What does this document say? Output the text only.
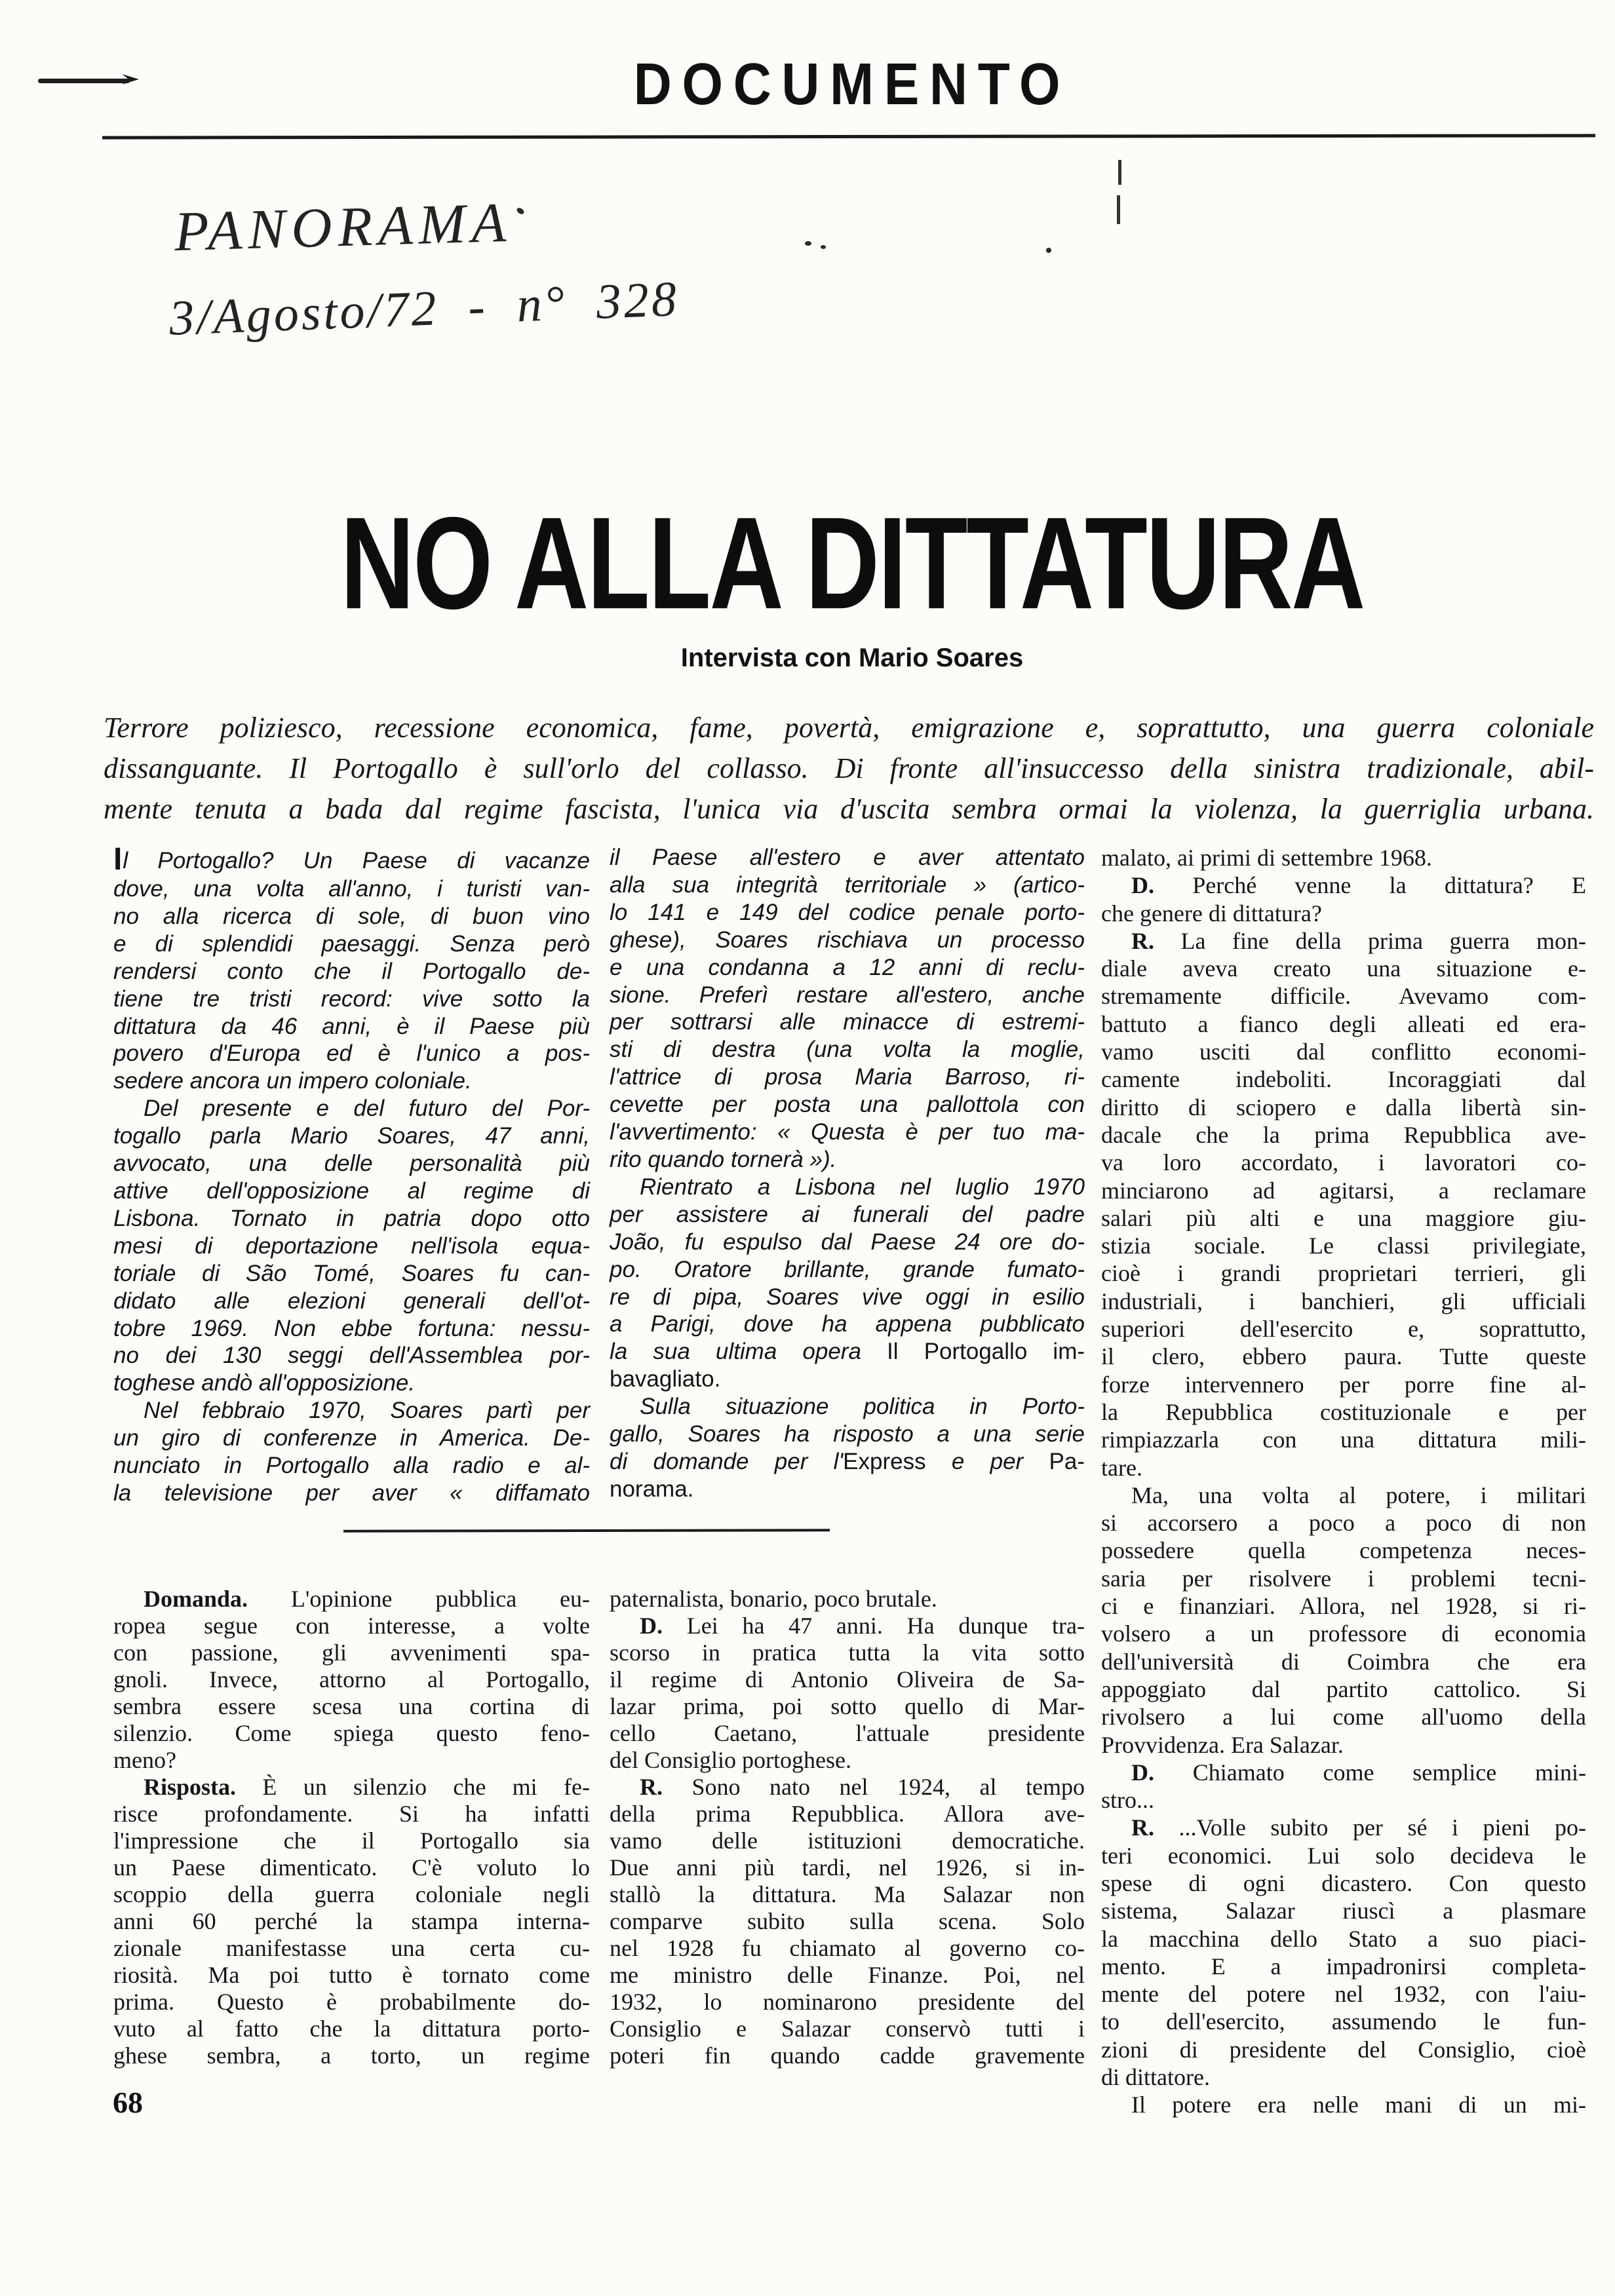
DOCUMENTO
PANORAMA
3/Agosto/72 - n° 328
NO ALLA DITTATURA
Intervista con Mario Soares
Terrore poliziesco, recessione economica, fame, povertà, emigrazione e, soprattutto, una guerra coloniale
dissanguante. Il Portogallo è sull'orlo del collasso. Di fronte all'insuccesso della sinistra tradizionale, abil-
mente tenuta a bada dal regime fascista, l'unica via d'uscita sembra ormai la violenza, la guerriglia urbana.
Il Portogallo? Un Paese di vacanze
dove, una volta all'anno, i turisti van-
no alla ricerca di sole, di buon vino
e di splendidi paesaggi. Senza però
rendersi conto che il Portogallo de-
tiene tre tristi record: vive sotto la
dittatura da 46 anni, è il Paese più
povero d'Europa ed è l'unico a pos-
sedere ancora un impero coloniale.
Del presente e del futuro del Por-
togallo parla Mario Soares, 47 anni,
avvocato, una delle personalità più
attive dell'opposizione al regime di
Lisbona. Tornato in patria dopo otto
mesi di deportazione nell'isola equa-
toriale di São Tomé, Soares fu can-
didato alle elezioni generali dell'ot-
tobre 1969. Non ebbe fortuna: nessu-
no dei 130 seggi dell'Assemblea por-
toghese andò all'opposizione.
Nel febbraio 1970, Soares partì per
un giro di conferenze in America. De-
nunciato in Portogallo alla radio e al-
la televisione per aver « diffamato
il Paese all'estero e aver attentato
alla sua integrità territoriale » (artico-
lo 141 e 149 del codice penale porto-
ghese), Soares rischiava un processo
e una condanna a 12 anni di reclu-
sione. Preferì restare all'estero, anche
per sottrarsi alle minacce di estremi-
sti di destra (una volta la moglie,
l'attrice di prosa Maria Barroso, ri-
cevette per posta una pallottola con
l'avvertimento: « Questa è per tuo ma-
rito quando tornerà »).
Rientrato a Lisbona nel luglio 1970
per assistere ai funerali del padre
João, fu espulso dal Paese 24 ore do-
po. Oratore brillante, grande fumato-
re di pipa, Soares vive oggi in esilio
a Parigi, dove ha appena pubblicato
la sua ultima opera Il Portogallo im-
bavagliato.
Sulla situazione politica in Porto-
gallo, Soares ha risposto a una serie
di domande per l'Express e per Pa-
norama.
malato, ai primi di settembre 1968.
D. Perché venne la dittatura? E
che genere di dittatura?
R. La fine della prima guerra mon-
diale aveva creato una situazione e-
stremamente difficile. Avevamo com-
battuto a fianco degli alleati ed era-
vamo usciti dal conflitto economi-
camente indeboliti. Incoraggiati dal
diritto di sciopero e dalla libertà sin-
dacale che la prima Repubblica ave-
va loro accordato, i lavoratori co-
minciarono ad agitarsi, a reclamare
salari più alti e una maggiore giu-
stizia sociale. Le classi privilegiate,
cioè i grandi proprietari terrieri, gli
industriali, i banchieri, gli ufficiali
superiori dell'esercito e, soprattutto,
il clero, ebbero paura. Tutte queste
forze intervennero per porre fine al-
la Repubblica costituzionale e per
rimpiazzarla con una dittatura mili-
tare.
Ma, una volta al potere, i militari
si accorsero a poco a poco di non
possedere quella competenza neces-
saria per risolvere i problemi tecni-
ci e finanziari. Allora, nel 1928, si ri-
volsero a un professore di economia
dell'università di Coimbra che era
appoggiato dal partito cattolico. Si
rivolsero a lui come all'uomo della
Provvidenza. Era Salazar.
D. Chiamato come semplice mini-
stro...
R. ...Volle subito per sé i pieni po-
teri economici. Lui solo decideva le
spese di ogni dicastero. Con questo
sistema, Salazar riuscì a plasmare
la macchina dello Stato a suo piaci-
mento. E a impadronirsi completa-
mente del potere nel 1932, con l'aiu-
to dell'esercito, assumendo le fun-
zioni di presidente del Consiglio, cioè
di dittatore.
Il potere era nelle mani di un mi-
Domanda. L'opinione pubblica eu-
ropea segue con interesse, a volte
con passione, gli avvenimenti spa-
gnoli. Invece, attorno al Portogallo,
sembra essere scesa una cortina di
silenzio. Come spiega questo feno-
meno?
Risposta. È un silenzio che mi fe-
risce profondamente. Si ha infatti
l'impressione che il Portogallo sia
un Paese dimenticato. C'è voluto lo
scoppio della guerra coloniale negli
anni 60 perché la stampa interna-
zionale manifestasse una certa cu-
riosità. Ma poi tutto è tornato come
prima. Questo è probabilmente do-
vuto al fatto che la dittatura porto-
ghese sembra, a torto, un regime
paternalista, bonario, poco brutale.
D. Lei ha 47 anni. Ha dunque tra-
scorso in pratica tutta la vita sotto
il regime di Antonio Oliveira de Sa-
lazar prima, poi sotto quello di Mar-
cello Caetano, l'attuale presidente
del Consiglio portoghese.
R. Sono nato nel 1924, al tempo
della prima Repubblica. Allora ave-
vamo delle istituzioni democratiche.
Due anni più tardi, nel 1926, si in-
stallò la dittatura. Ma Salazar non
comparve subito sulla scena. Solo
nel 1928 fu chiamato al governo co-
me ministro delle Finanze. Poi, nel
1932, lo nominarono presidente del
Consiglio e Salazar conservò tutti i
poteri fin quando cadde gravemente
68
